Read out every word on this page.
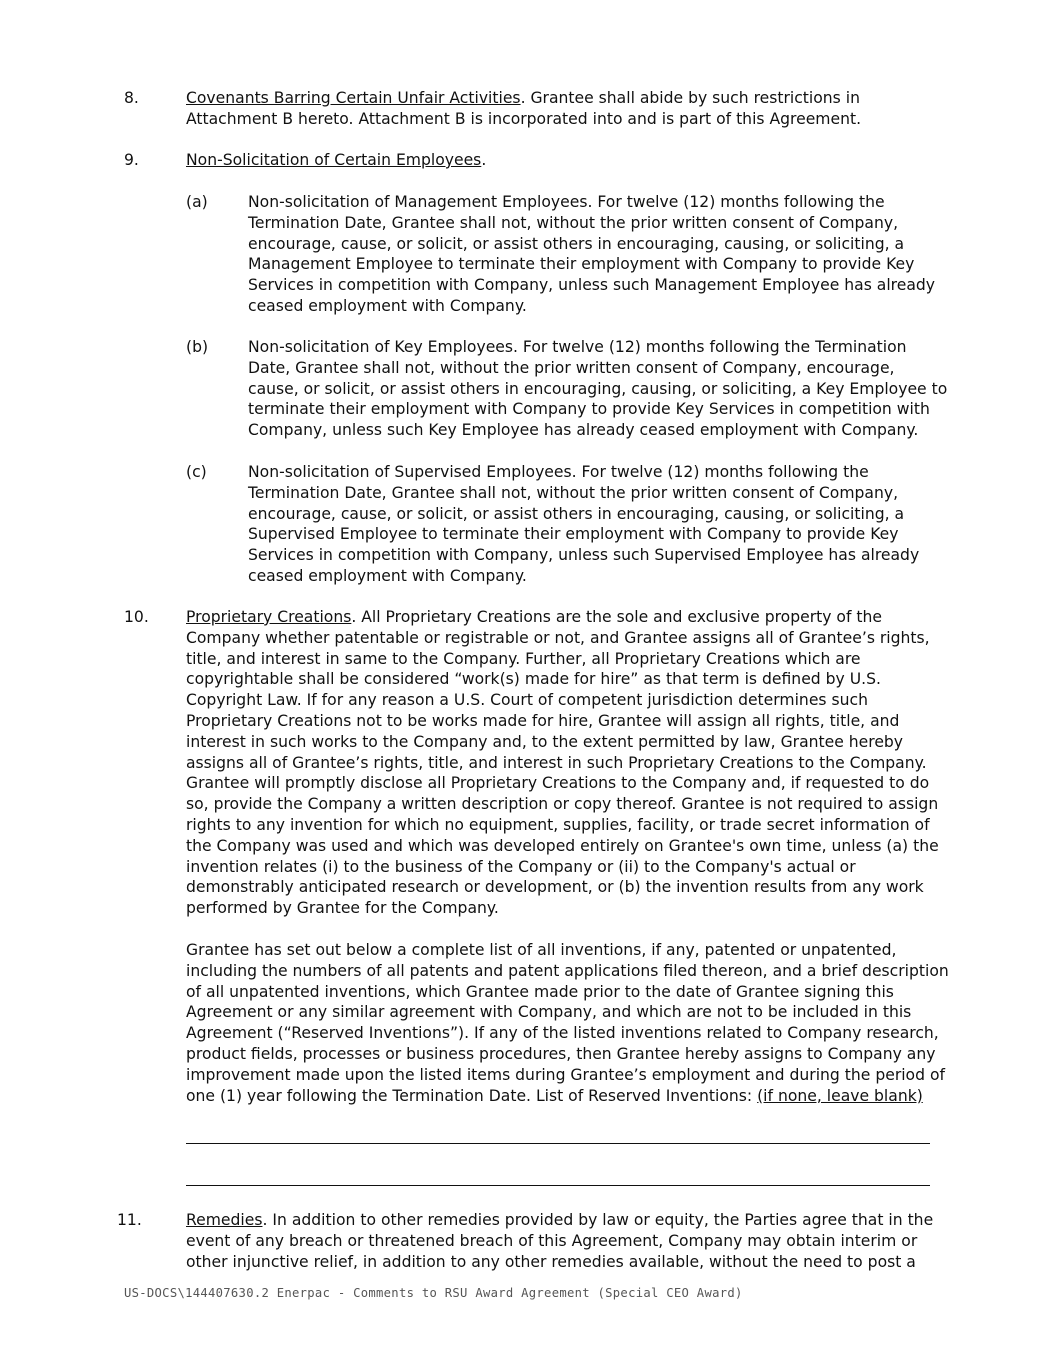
8.	Covenants Barring Certain Unfair Activities. Grantee shall abide by such restrictions in
Attachment B hereto. Attachment B is incorporated into and is part of this Agreement.
9.	Non-Solicitation of Certain Employees.
(a)	Non-solicitation of Management Employees. For twelve (12) months following the
Termination Date, Grantee shall not, without the prior written consent of Company,
encourage, cause, or solicit, or assist others in encouraging, causing, or soliciting, a
Management Employee to terminate their employment with Company to provide Key
Services in competition with Company, unless such Management Employee has already
ceased employment with Company.
(b)	Non-solicitation of Key Employees. For twelve (12) months following the Termination
Date, Grantee shall not, without the prior written consent of Company, encourage,
cause, or solicit, or assist others in encouraging, causing, or soliciting, a Key Employee to
terminate their employment with Company to provide Key Services in competition with
Company, unless such Key Employee has already ceased employment with Company.
(c)	Non-solicitation of Supervised Employees. For twelve (12) months following the
Termination Date, Grantee shall not, without the prior written consent of Company,
encourage, cause, or solicit, or assist others in encouraging, causing, or soliciting, a
Supervised Employee to terminate their employment with Company to provide Key
Services in competition with Company, unless such Supervised Employee has already
ceased employment with Company.
10. Proprietary Creations. All Proprietary Creations are the sole and exclusive property of the
Company whether patentable or registrable or not, and Grantee assigns all of Grantee’s rights,
title, and interest in same to the Company. Further, all Proprietary Creations which are
copyrightable shall be considered “work(s) made for hire” as that term is defined by U.S.
Copyright Law. If for any reason a U.S. Court of competent jurisdiction determines such
Proprietary Creations not to be works made for hire, Grantee will assign all rights, title, and
interest in such works to the Company and, to the extent permitted by law, Grantee hereby
assigns all of Grantee’s rights, title, and interest in such Proprietary Creations to the Company.
Grantee will promptly disclose all Proprietary Creations to the Company and, if requested to do
so, provide the Company a written description or copy thereof. Grantee is not required to assign
rights to any invention for which no equipment, supplies, facility, or trade secret information of
the Company was used and which was developed entirely on Grantee's own time, unless (a) the
invention relates (i) to the business of the Company or (ii) to the Company's actual or
demonstrably anticipated research or development, or (b) the invention results from any work
performed by Grantee for the Company.
Grantee has set out below a complete list of all inventions, if any, patented or unpatented,
including the numbers of all patents and patent applications filed thereon, and a brief description
of all unpatented inventions, which Grantee made prior to the date of Grantee signing this
Agreement or any similar agreement with Company, and which are not to be included in this
Agreement (“Reserved Inventions”). If any of the listed inventions related to Company research,
product fields, processes or business procedures, then Grantee hereby assigns to Company any
improvement made upon the listed items during Grantee’s employment and during the period of
one (1) year following the Termination Date. List of Reserved Inventions: (if none, leave blank)
11.	Remedies. In addition to other remedies provided by law or equity, the Parties agree that in the
event of any breach or threatened breach of this Agreement, Company may obtain interim or
other injunctive relief, in addition to any other remedies available, without the need to post a
US-DOCS\144407630.2 Enerpac - Comments to RSU Award Agreement (Special CEO Award)
